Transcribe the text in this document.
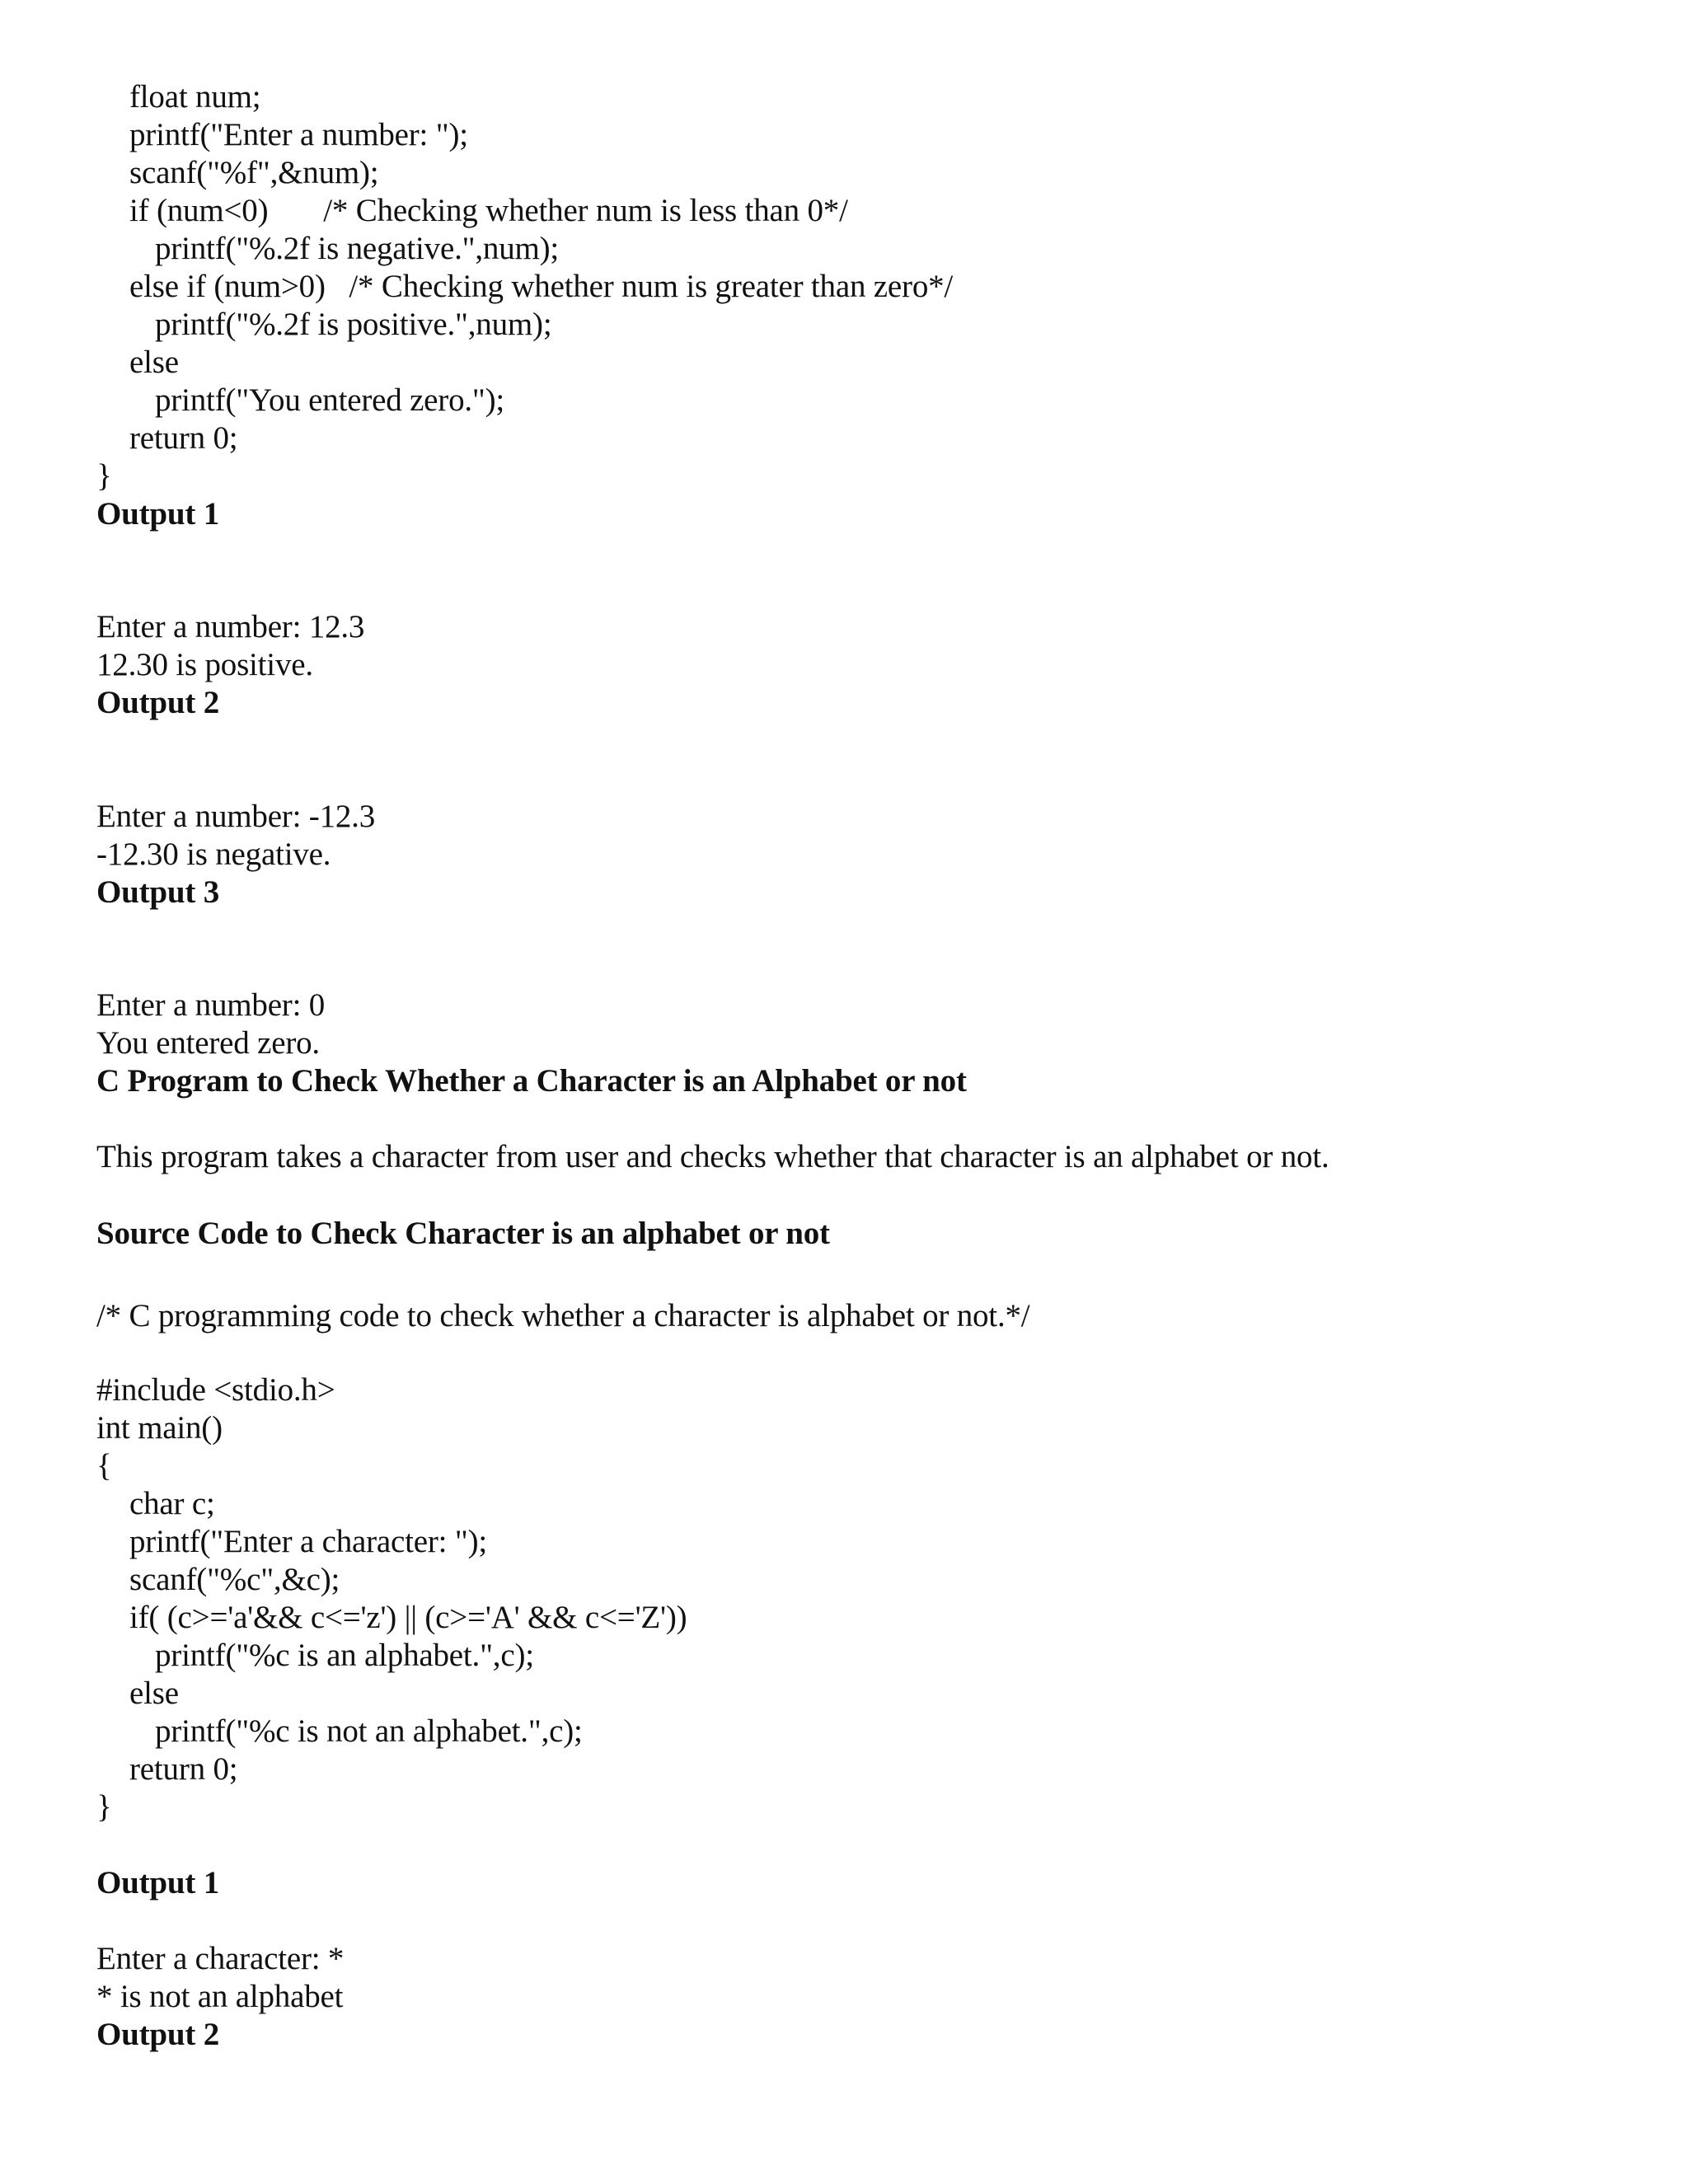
float num;
printf("Enter a number: ");
scanf("%f",&num);
if (num<0)       /* Checking whether num is less than 0*/
printf("%.2f is negative.",num);
else if (num>0)   /* Checking whether num is greater than zero*/
printf("%.2f is positive.",num);
else
printf("You entered zero.");
return 0;
}
Output 1
Enter a number: 12.3
12.30 is positive.
Output 2
Enter a number: -12.3
-12.30 is negative.
Output 3
Enter a number: 0
You entered zero.
C Program to Check Whether a Character is an Alphabet or not
This program takes a character from user and checks whether that character is an alphabet or not.
Source Code to Check Character is an alphabet or not
/* C programming code to check whether a character is alphabet or not.*/
#include <stdio.h>
int main()
{
char c;
printf("Enter a character: ");
scanf("%c",&c);
if( (c>='a'&& c<='z') || (c>='A' && c<='Z'))
printf("%c is an alphabet.",c);
else
printf("%c is not an alphabet.",c);
return 0;
}
Output 1
Enter a character: *
* is not an alphabet
Output 2
